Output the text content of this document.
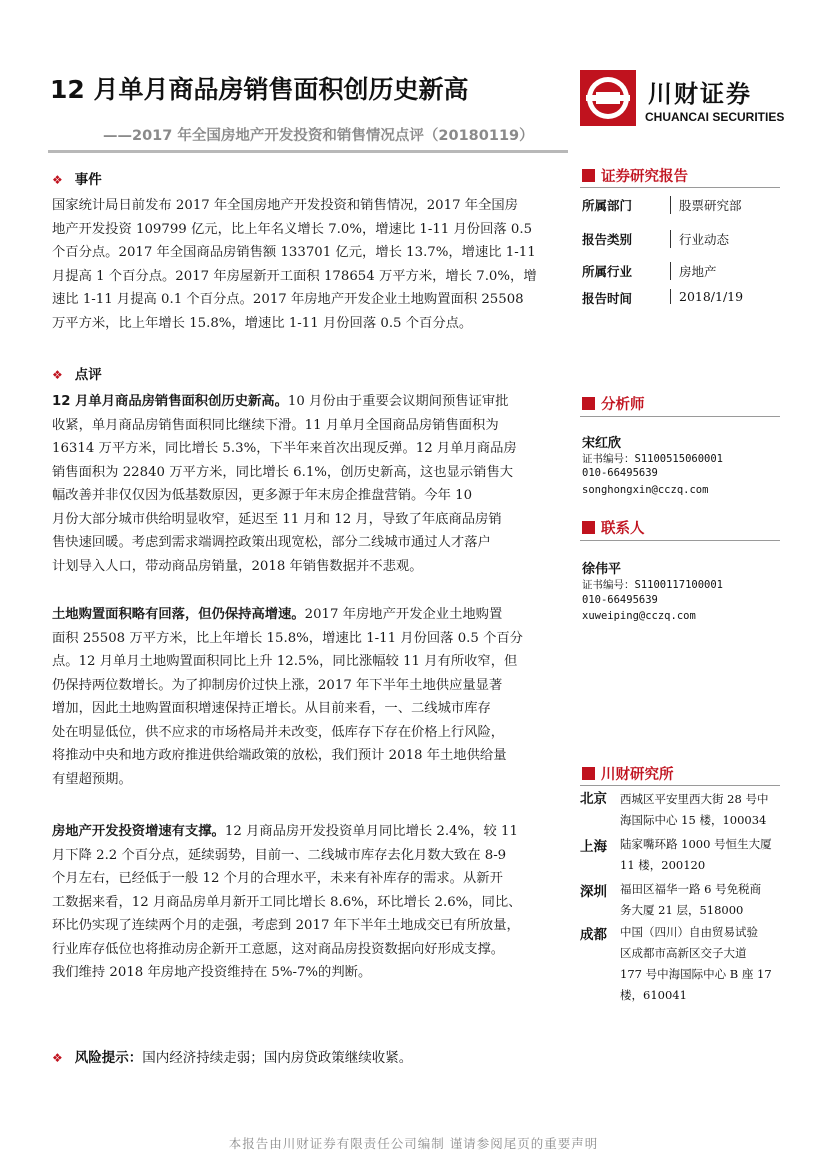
12 月单月商品房销售面积创历史新高
——2017 年全国房地产开发投资和销售情况点评（20180119）
川财证券
CHUANCAI SECURITIES
❖ 事件
国家统计局日前发布 2017 年全国房地产开发投资和销售情况，2017 年全国房
地产开发投资 109799 亿元，比上年名义增长 7.0%，增速比 1-11 月份回落 0.5
个百分点。2017 年全国商品房销售额 133701 亿元，增长 13.7%，增速比 1-11
月提高 1 个百分点。2017 年房屋新开工面积 178654 万平方米，增长 7.0%，增
速比 1-11 月提高 0.1 个百分点。2017 年房地产开发企业土地购置面积 25508
万平方米，比上年增长 15.8%，增速比 1-11 月份回落 0.5 个百分点。
❖ 点评
12 月单月商品房销售面积创历史新高。10 月份由于重要会议期间预售证审批
收紧，单月商品房销售面积同比继续下滑。11 月单月全国商品房销售面积为
16314 万平方米，同比增长 5.3%，下半年来首次出现反弹。12 月单月商品房
销售面积为 22840 万平方米，同比增长 6.1%，创历史新高，这也显示销售大
幅改善并非仅仅因为低基数原因，更多源于年末房企推盘营销。今年 10
月份大部分城市供给明显收窄，延迟至 11 月和 12 月，导致了年底商品房销
售快速回暖。考虑到需求端调控政策出现宽松，部分二线城市通过人才落户
计划导入人口，带动商品房销量，2018 年销售数据并不悲观。
土地购置面积略有回落，但仍保持高增速。2017 年房地产开发企业土地购置
面积 25508 万平方米，比上年增长 15.8%，增速比 1-11 月份回落 0.5 个百分
点。12 月单月土地购置面积同比上升 12.5%，同比涨幅较 11 月有所收窄，但
仍保持两位数增长。为了抑制房价过快上涨，2017 年下半年土地供应量显著
增加，因此土地购置面积增速保持正增长。从目前来看，一、二线城市库存
处在明显低位，供不应求的市场格局并未改变，低库存下存在价格上行风险，
将推动中央和地方政府推进供给端政策的放松，我们预计 2018 年土地供给量
有望超预期。
房地产开发投资增速有支撑。12 月商品房开发投资单月同比增长 2.4%，较 11
月下降 2.2 个百分点，延续弱势，目前一、二线城市库存去化月数大致在 8-9
个月左右，已经低于一般 12 个月的合理水平，未来有补库存的需求。从新开
工数据来看，12 月商品房单月新开工同比增长 8.6%，环比增长 2.6%，同比、
环比仍实现了连续两个月的走强，考虑到 2017 年下半年土地成交已有所放量，
行业库存低位也将推动房企新开工意愿，这对商品房投资数据向好形成支撑。
我们维持 2018 年房地产投资维持在 5%-7%的判断。
❖ 风险提示：国内经济持续走弱；国内房贷政策继续收紧。
证券研究报告
所属部门	股票研究部
报告类别	行业动态
所属行业	房地产
报告时间	2018/1/19
分析师
宋红欣
证书编号：S1100515060001
010-66495639
songhongxin@cczq.com
联系人
徐伟平
证书编号：S1100117100001
010-66495639
xuweiping@cczq.com
川财研究所
北京 西城区平安里西大街 28 号中
海国际中心 15 楼，100034
上海 陆家嘴环路 1000 号恒生大厦
11 楼，200120
深圳 福田区福华一路 6 号免税商
务大厦 21 层，518000
成都 中国（四川）自由贸易试验
区成都市高新区交子大道
177 号中海国际中心 B 座 17
楼，610041
本报告由川财证券有限责任公司编制 谨请参阅尾页的重要声明
